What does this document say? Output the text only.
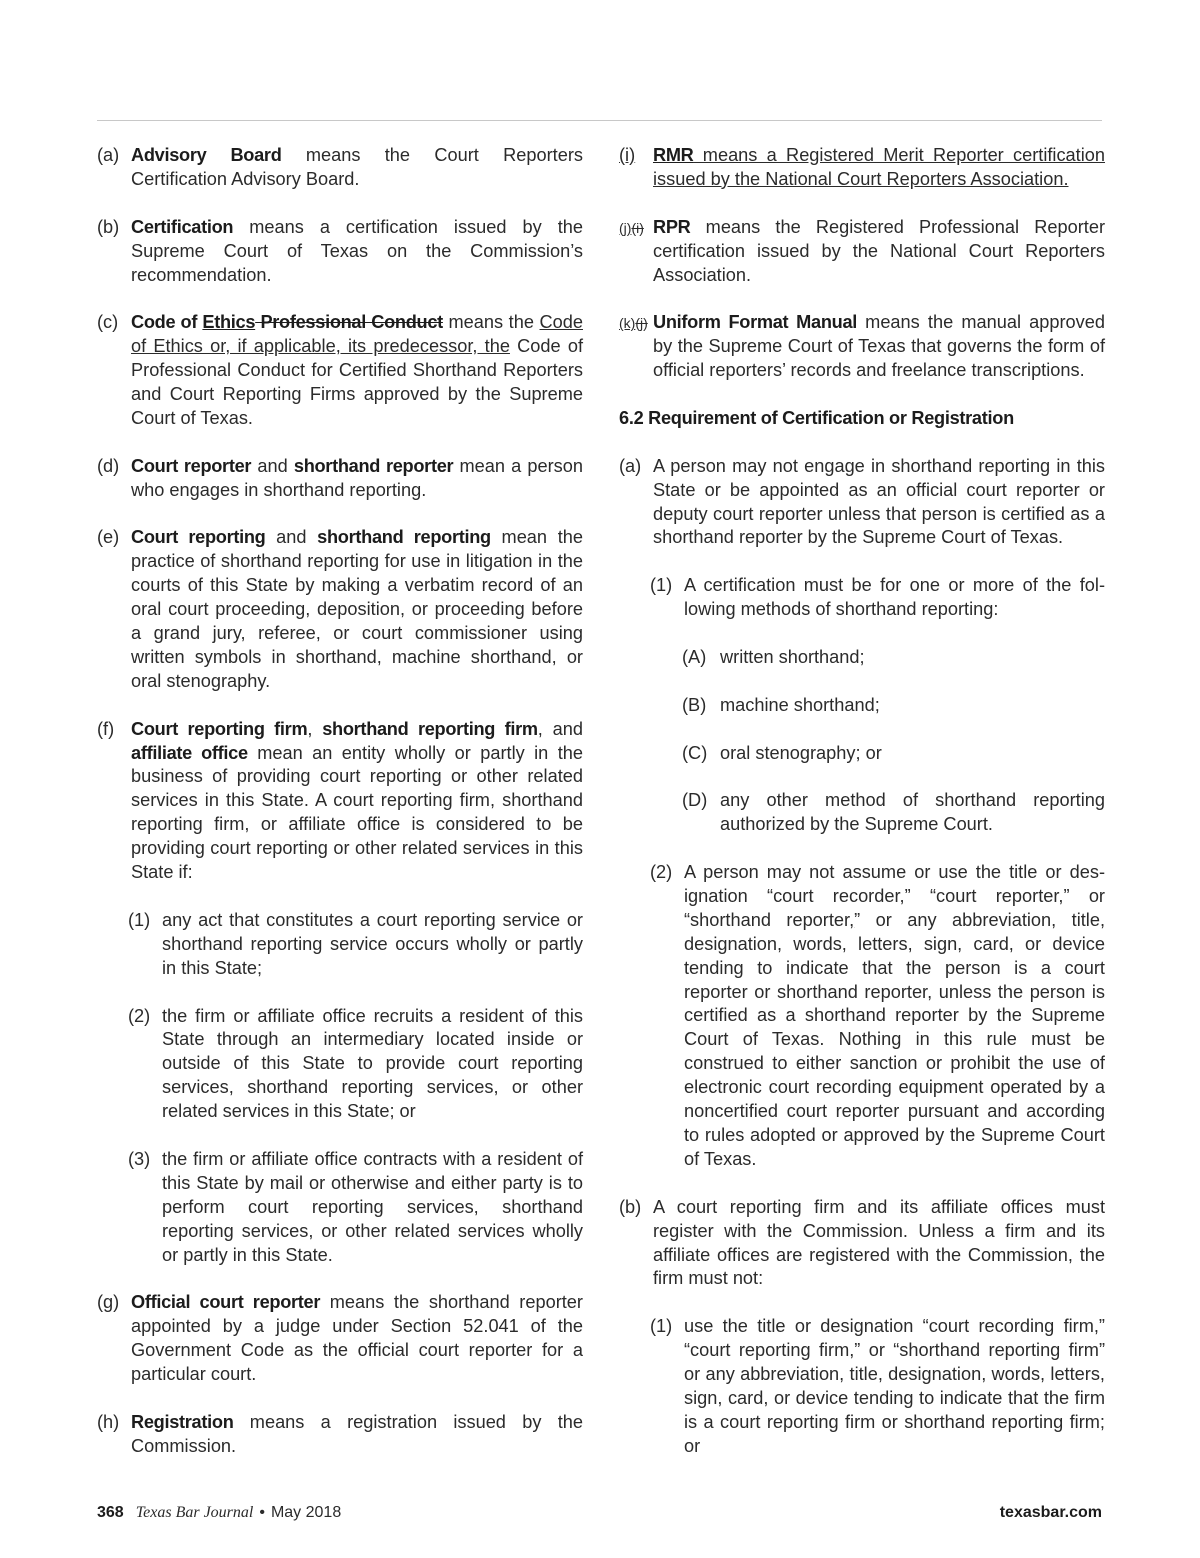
(a) Advisory Board means the Court Reporters Certification Advisory Board.

(b) Certification means a certification issued by the Supreme Court of Texas on the Commission’s recommendation.

(c) Code of Ethics Professional Conduct means the Code of Ethics or, if applicable, its predecessor, the Code of Professional Conduct for Certified Shorthand Reporters and Court Reporting Firms approved by the Supreme Court of Texas.

(d) Court reporter and shorthand reporter mean a person who engages in shorthand reporting.

(e) Court reporting and shorthand reporting mean the practice of shorthand reporting for use in litigation in the courts of this State by making a verbatim record of an oral court proceeding, deposition, or proceeding before a grand jury, referee, or court commissioner using written symbols in shorthand, machine shorthand, or oral stenography.

(f) Court reporting firm, shorthand reporting firm, and affiliate office mean an entity wholly or partly in the business of providing court reporting or other related services in this State. A court reporting firm, shorthand reporting firm, or affiliate office is considered to be providing court reporting or other related services in this State if:

(1) any act that constitutes a court reporting service or shorthand reporting service occurs wholly or partly in this State;

(2) the firm or affiliate office recruits a resident of this State through an intermediary located inside or outside of this State to provide court reporting services, shorthand reporting services, or other related services in this State; or

(3) the firm or affiliate office contracts with a resident of this State by mail or otherwise and either party is to perform court reporting services, shorthand reporting services, or other related services wholly or partly in this State.

(g) Official court reporter means the shorthand reporter appointed by a judge under Section 52.041 of the Government Code as the official court reporter for a particular court.

(h) Registration means a registration issued by the Commission.

(i) RMR means a Registered Merit Reporter certification issued by the National Court Reporters Association.

(j)(i) RPR means the Registered Professional Reporter certification issued by the National Court Reporters Association.

(k)(j) Uniform Format Manual means the manual approved by the Supreme Court of Texas that governs the form of official reporters’ records and freelance transcriptions.

6.2 Requirement of Certification or Registration

(a) A person may not engage in shorthand reporting in this State or be appointed as an official court reporter or deputy court reporter unless that person is certified as a shorthand reporter by the Supreme Court of Texas.

(1) A certification must be for one or more of the following methods of shorthand reporting:

(A) written shorthand;

(B) machine shorthand;

(C) oral stenography; or

(D) any other method of shorthand reporting authorized by the Supreme Court.

(2) A person may not assume or use the title or designation “court recorder,” “court reporter,” or “shorthand reporter,” or any abbreviation, title, designation, words, letters, sign, card, or device tending to indicate that the person is a court reporter or shorthand reporter, unless the person is certified as a shorthand reporter by the Supreme Court of Texas. Nothing in this rule must be construed to either sanction or prohibit the use of electronic court recording equipment operated by a noncertified court reporter pursuant and according to rules adopted or approved by the Supreme Court of Texas.

(b) A court reporting firm and its affiliate offices must register with the Commission. Unless a firm and its affiliate offices are registered with the Commission, the firm must not:

(1) use the title or designation “court recording firm,” “court reporting firm,” or “shorthand reporting firm” or any abbreviation, title, designation, words, letters, sign, card, or device tending to indicate that the firm is a court reporting firm or shorthand reporting firm; or

368 Texas Bar Journal • May 2018	texasbar.com
